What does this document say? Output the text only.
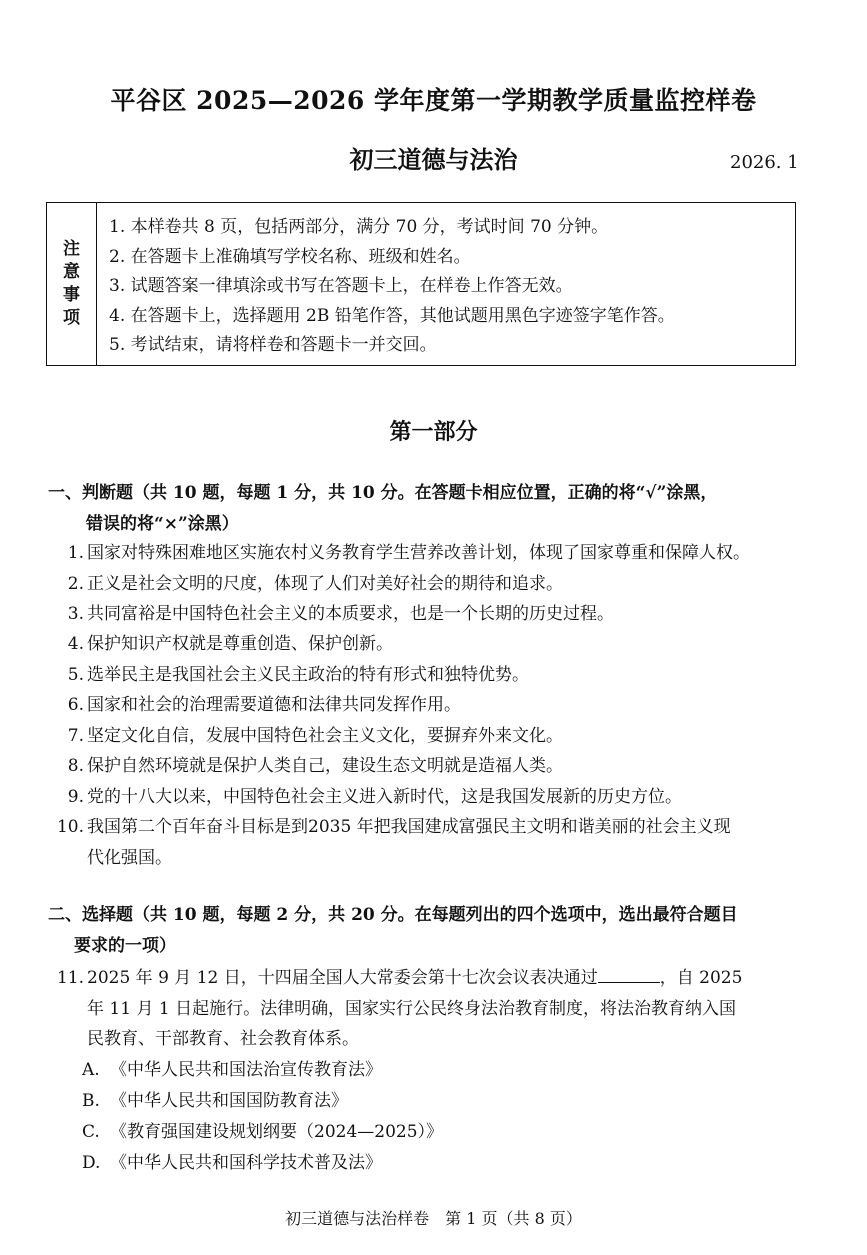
平谷区 2025—2026 学年度第一学期教学质量监控样卷
初三道德与法治	2026. 1
注
意
事
项
1. 本样卷共 8 页，包括两部分，满分 70 分，考试时间 70 分钟。
2. 在答题卡上准确填写学校名称、班级和姓名。
3. 试题答案一律填涂或书写在答题卡上，在样卷上作答无效。
4. 在答题卡上，选择题用 2B 铅笔作答，其他试题用黑色字迹签字笔作答。
5. 考试结束，请将样卷和答题卡一并交回。
第一部分
一、判断题（共 10 题，每题 1 分，共 10 分。在答题卡相应位置，正确的将“√”涂黑，
错误的将“×”涂黑）
1. 国家对特殊困难地区实施农村义务教育学生营养改善计划，体现了国家尊重和保障人权。
2. 正义是社会文明的尺度，体现了人们对美好社会的期待和追求。
3. 共同富裕是中国特色社会主义的本质要求，也是一个长期的历史过程。
4. 保护知识产权就是尊重创造、保护创新。
5. 选举民主是我国社会主义民主政治的特有形式和独特优势。
6. 国家和社会的治理需要道德和法律共同发挥作用。
7. 坚定文化自信，发展中国特色社会主义文化，要摒弃外来文化。
8. 保护自然环境就是保护人类自己，建设生态文明就是造福人类。
9. 党的十八大以来，中国特色社会主义进入新时代，这是我国发展新的历史方位。
10. 我国第二个百年奋斗目标是到2035 年把我国建成富强民主文明和谐美丽的社会主义现
代化强国。
二、选择题（共 10 题，每题 2 分，共 20 分。在每题列出的四个选项中，选出最符合题目
要求的一项）
11. 2025 年 9 月 12 日，十四届全国人大常委会第十七次会议表决通过	，自 2025
年 11 月 1 日起施行。法律明确，国家实行公民终身法治教育制度，将法治教育纳入国
民教育、干部教育、社会教育体系。
A. 《中华人民共和国法治宣传教育法》
B. 《中华人民共和国国防教育法》
C. 《教育强国建设规划纲要（2024—2025）》
D. 《中华人民共和国科学技术普及法》
初三道德与法治样卷　第 1 页（共 8 页）
